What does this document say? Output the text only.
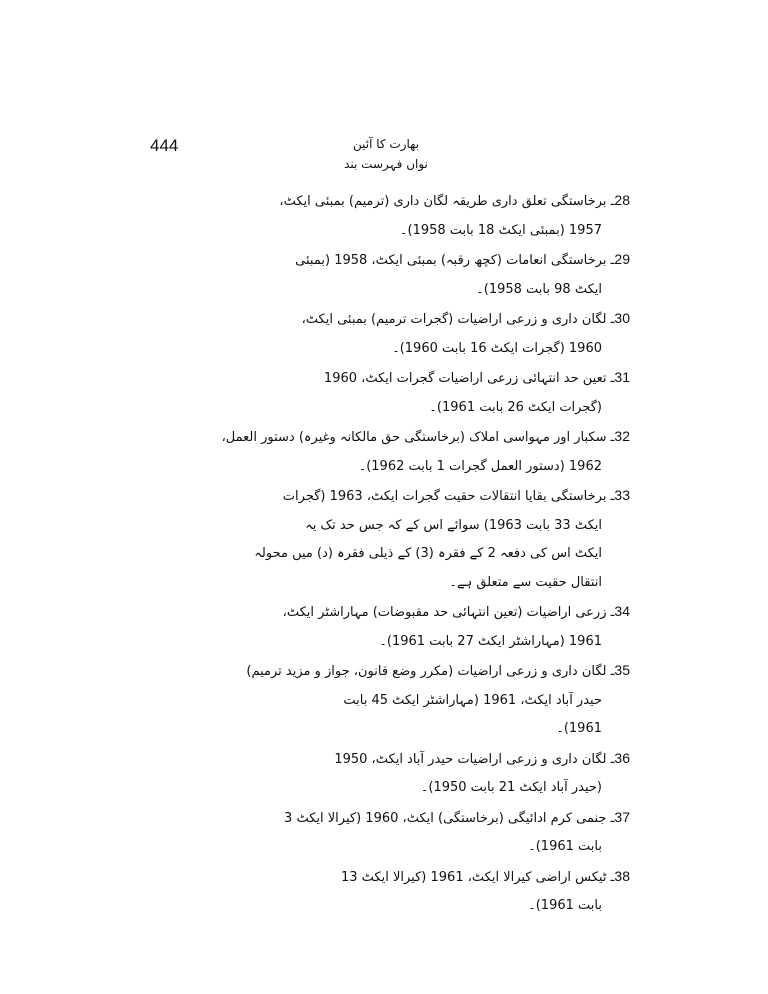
444	بھارت کا آئین
نواں فہرست بند
28ـ برخاستگی تعلق داری طریقہ لگان داری (ترمیم) بمبئی ایکٹ،
1957 (بمبئی ایکٹ 18 بابت 1958)۔
29ـ برخاستگی انعامات (کچھ رقبہ) بمبئی ایکٹ، 1958 (بمبئی
ایکٹ 98 بابت 1958)۔
30ـ لگان داری و زرعی اراضیات (گجرات ترمیم) بمبئی ایکٹ،
1960 (گجرات ایکٹ 16 بابت 1960)۔
31ـ تعین حد انتہائی زرعی اراضیات گجرات ایکٹ، 1960
(گجرات ایکٹ 26 بابت 1961)۔
32ـ سکبار اور مہواسی املاک (برخاستگی حق مالکانہ وغیرہ) دستور العمل،
1962 (دستور العمل گجرات 1 بابت 1962)۔
33ـ برخاستگی بقایا انتقالات حقیت گجرات ایکٹ، 1963 (گجرات
ایکٹ 33 بابت 1963) سوائے اس کے کہ جس حد تک یہ
ایکٹ اس کی دفعہ 2 کے فقرہ (3) کے ذیلی فقرہ (د) میں محولہ
انتقال حقیت سے متعلق ہے۔
34ـ زرعی اراضیات (تعین انتہائی حد مقبوضات) مہاراشٹر ایکٹ،
1961 (مہاراشٹر ایکٹ 27 بابت 1961)۔
35ـ لگان داری و زرعی اراضیات (مکرر وضع قانون، جواز و مزید ترمیم)
حیدر آباد ایکٹ، 1961 (مہاراشٹر ایکٹ 45 بابت
1961)۔
36ـ لگان داری و زرعی اراضیات حیدر آباد ایکٹ، 1950
(حیدر آباد ایکٹ 21 بابت 1950)۔
37ـ جنمی کرم ادائیگی (برخاستگی) ایکٹ، 1960 (کیرالا ایکٹ 3
بابت 1961)۔
38ـ ٹیکس اراضی کیرالا ایکٹ، 1961 (کیرالا ایکٹ 13
بابت 1961)۔
